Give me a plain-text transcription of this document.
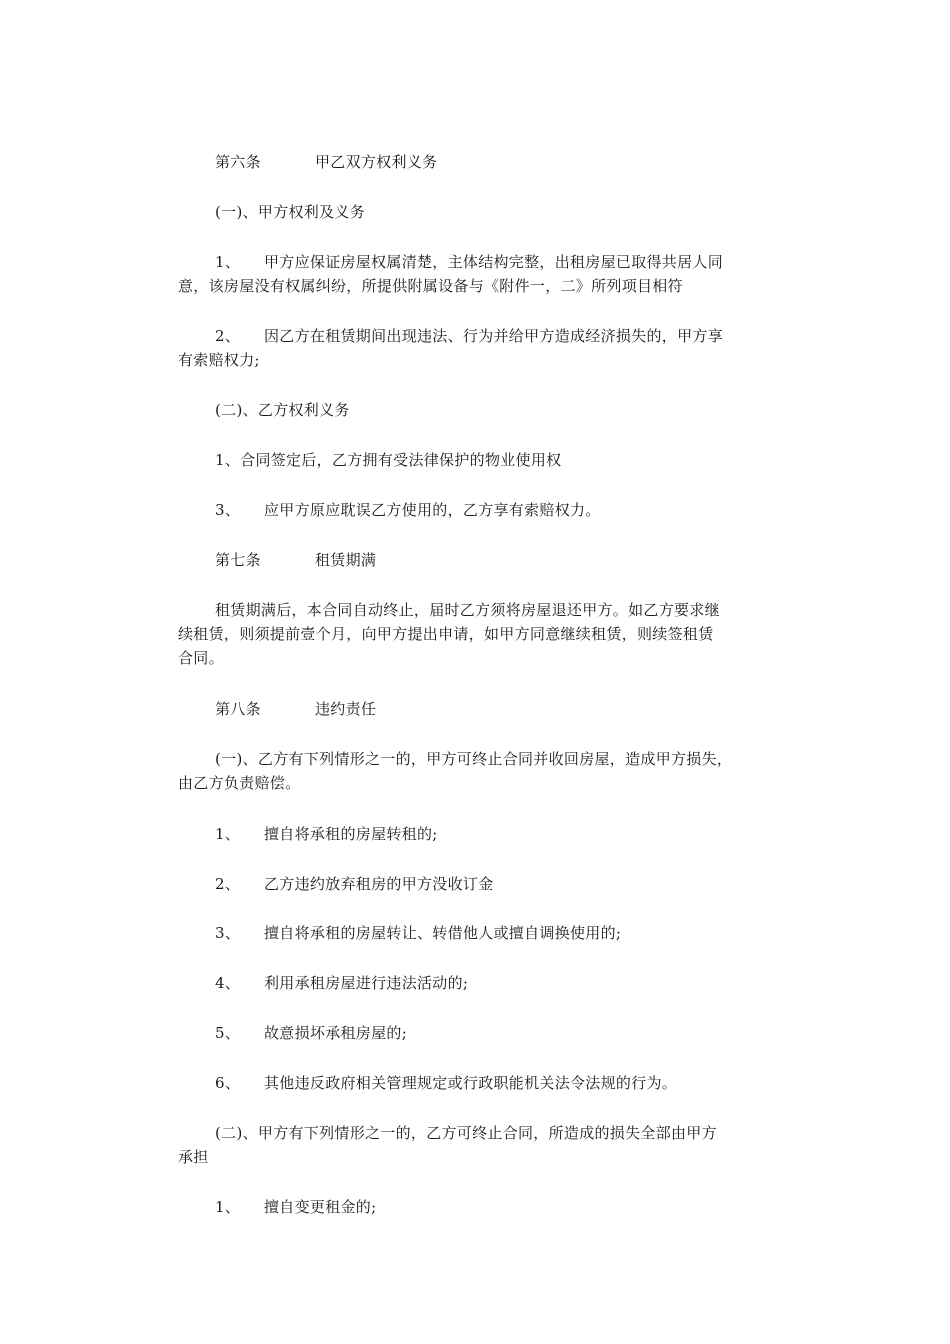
第六条	甲乙双方权利义务
(一)、甲方权利及义务
1、 甲方应保证房屋权属清楚，主体结构完整，出租房屋已取得共居人同
意，该房屋没有权属纠纷，所提供附属设备与《附件一，二》所列项目相符
2、 因乙方在租赁期间出现违法、行为并给甲方造成经济损失的，甲方享
有索赔权力;
(二)、乙方权利义务
1、合同签定后，乙方拥有受法律保护的物业使用权
3、 应甲方原应耽误乙方使用的，乙方享有索赔权力。
第七条	租赁期满
租赁期满后，本合同自动终止，届时乙方须将房屋退还甲方。如乙方要求继
续租赁，则须提前壹个月，向甲方提出申请，如甲方同意继续租赁，则续签租赁
合同。
第八条	违约责任
(一)、乙方有下列情形之一的，甲方可终止合同并收回房屋，造成甲方损失，
由乙方负责赔偿。
1、 擅自将承租的房屋转租的;
2、 乙方违约放弃租房的甲方没收订金
3、 擅自将承租的房屋转让、转借他人或擅自调换使用的;
4、 利用承租房屋进行违法活动的;
5、 故意损坏承租房屋的;
6、 其他违反政府相关管理规定或行政职能机关法令法规的行为。
(二)、甲方有下列情形之一的，乙方可终止合同，所造成的损失全部由甲方
承担
1、 擅自变更租金的;
